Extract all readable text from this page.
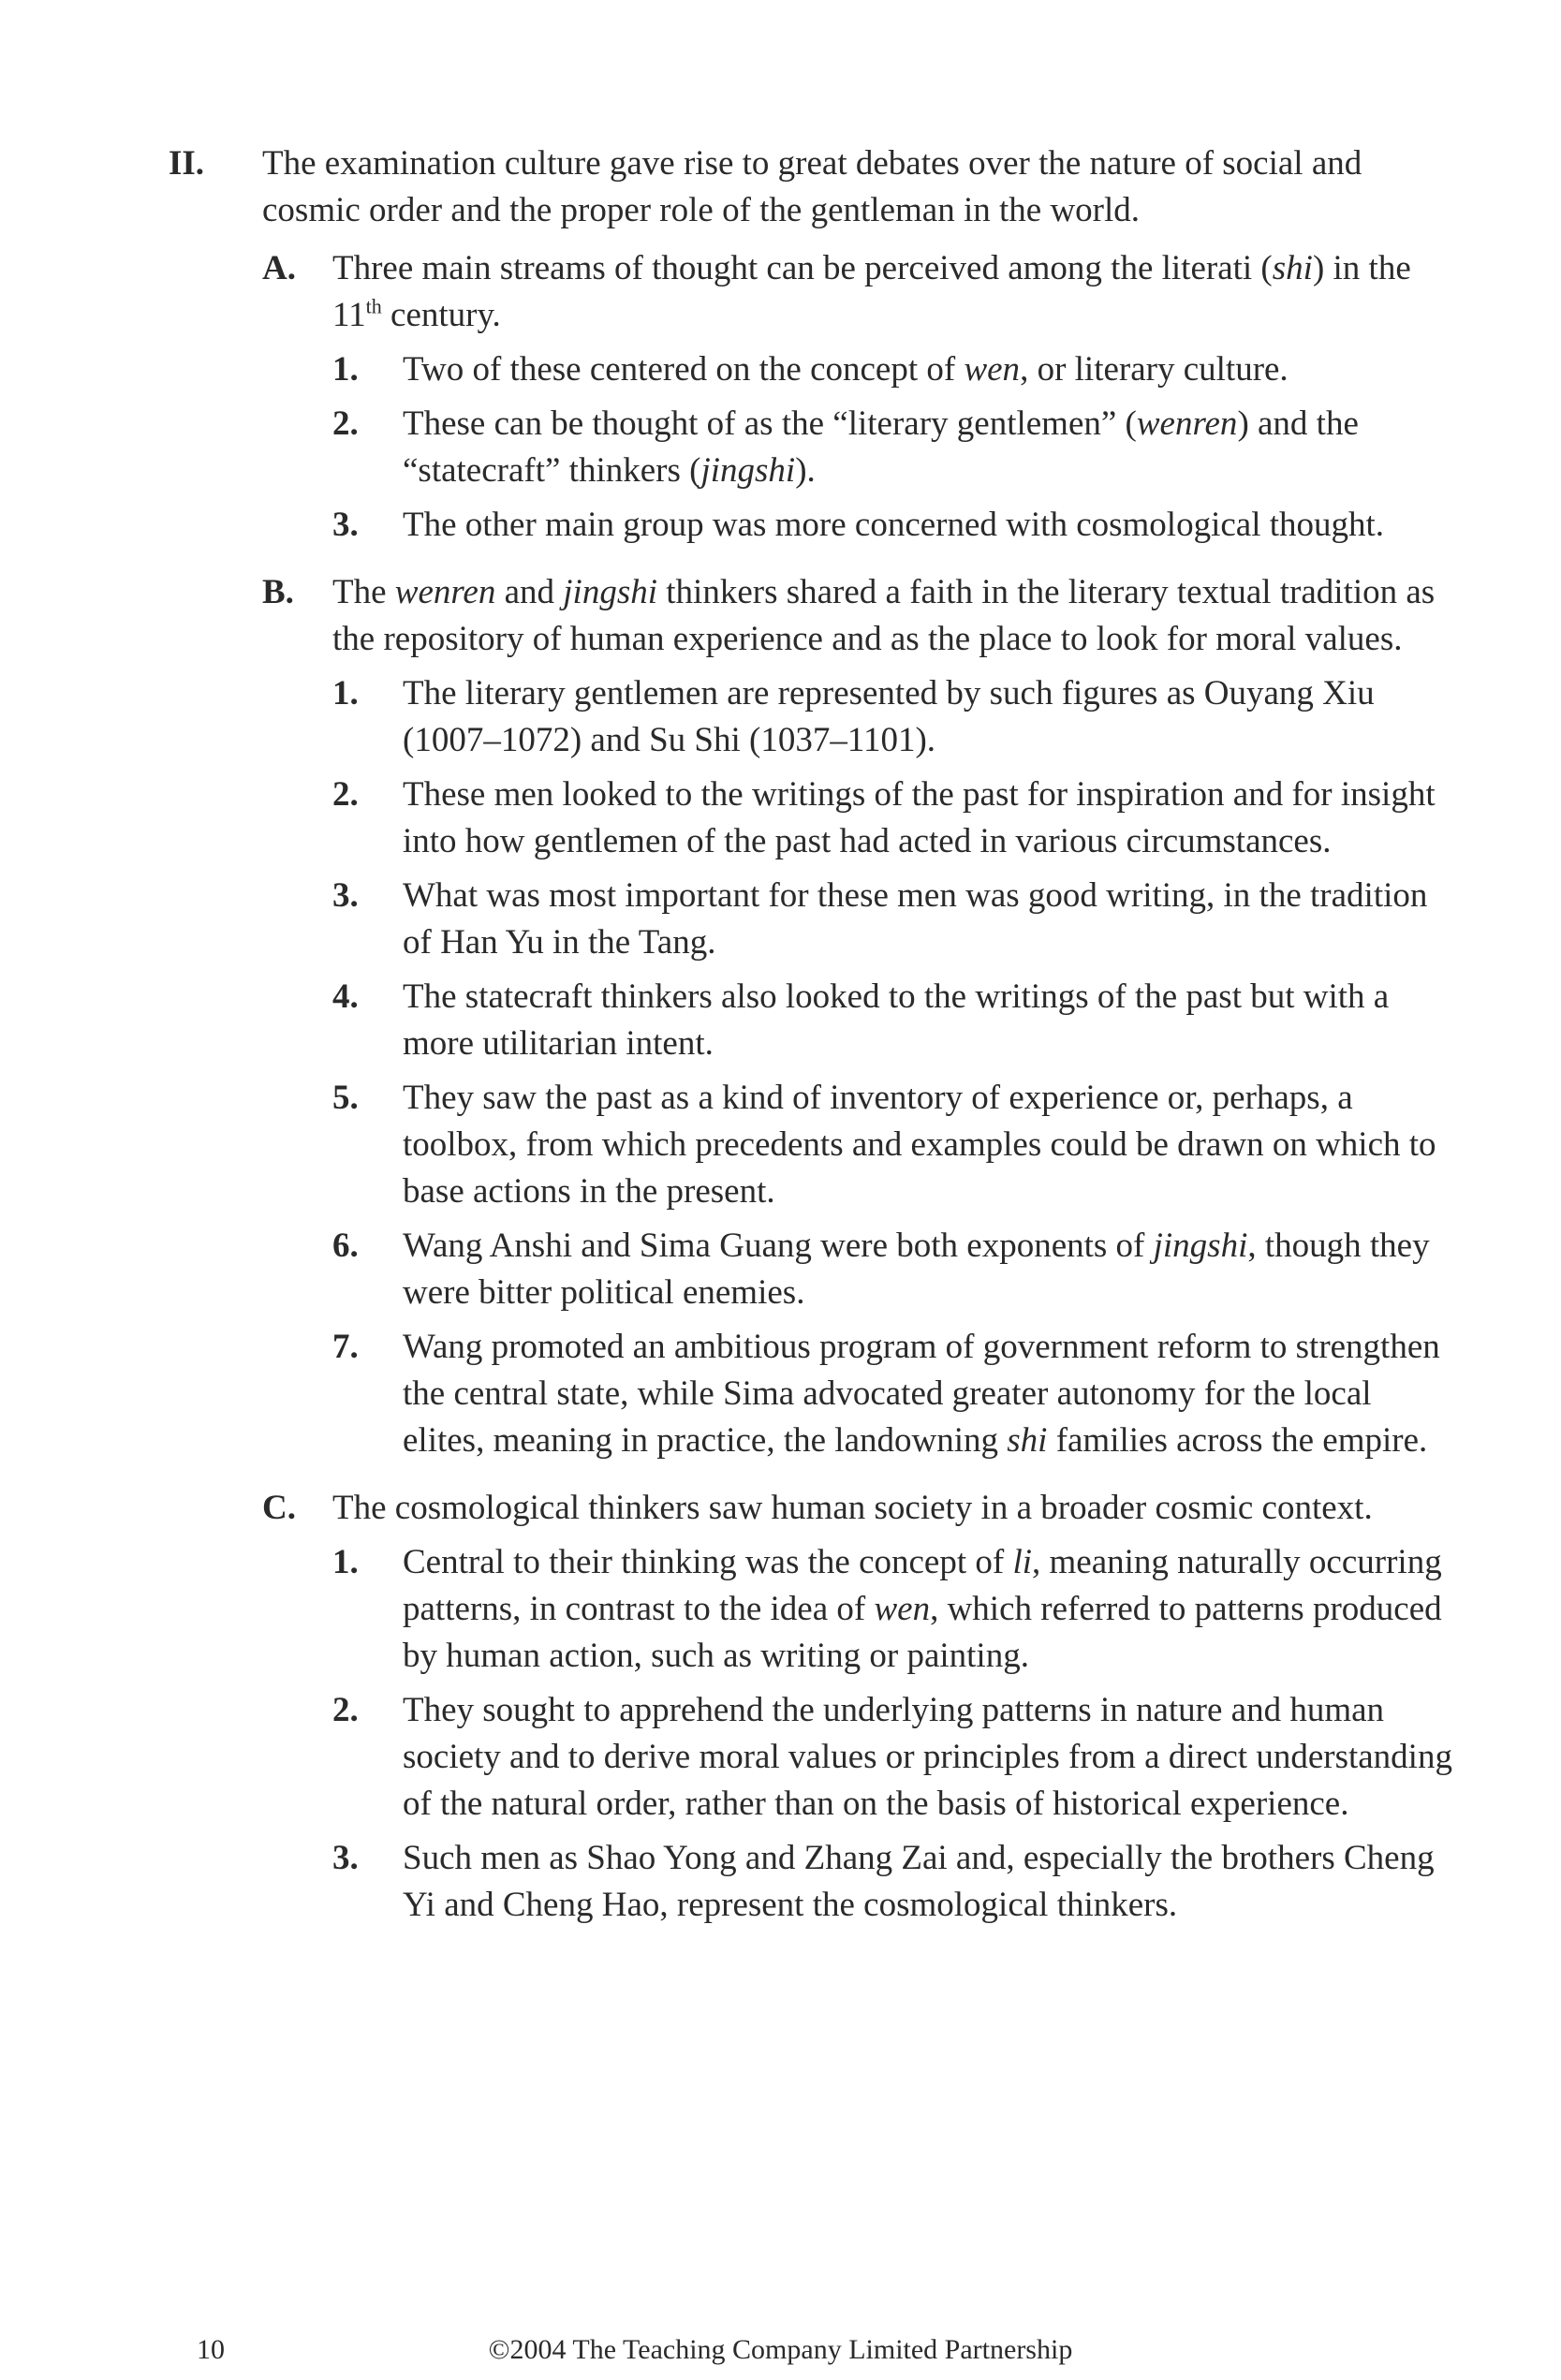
II. The examination culture gave rise to great debates over the nature of social and cosmic order and the proper role of the gentleman in the world.
A. Three main streams of thought can be perceived among the literati (shi) in the 11th century.
1. Two of these centered on the concept of wen, or literary culture.
2. These can be thought of as the “literary gentlemen” (wenren) and the “statecraft” thinkers (jingshi).
3. The other main group was more concerned with cosmological thought.
B. The wenren and jingshi thinkers shared a faith in the literary textual tradition as the repository of human experience and as the place to look for moral values.
1. The literary gentlemen are represented by such figures as Ouyang Xiu (1007–1072) and Su Shi (1037–1101).
2. These men looked to the writings of the past for inspiration and for insight into how gentlemen of the past had acted in various circumstances.
3. What was most important for these men was good writing, in the tradition of Han Yu in the Tang.
4. The statecraft thinkers also looked to the writings of the past but with a more utilitarian intent.
5. They saw the past as a kind of inventory of experience or, perhaps, a toolbox, from which precedents and examples could be drawn on which to base actions in the present.
6. Wang Anshi and Sima Guang were both exponents of jingshi, though they were bitter political enemies.
7. Wang promoted an ambitious program of government reform to strengthen the central state, while Sima advocated greater autonomy for the local elites, meaning in practice, the landowning shi families across the empire.
C. The cosmological thinkers saw human society in a broader cosmic context.
1. Central to their thinking was the concept of li, meaning naturally occurring patterns, in contrast to the idea of wen, which referred to patterns produced by human action, such as writing or painting.
2. They sought to apprehend the underlying patterns in nature and human society and to derive moral values or principles from a direct understanding of the natural order, rather than on the basis of historical experience.
3. Such men as Shao Yong and Zhang Zai and, especially the brothers Cheng Yi and Cheng Hao, represent the cosmological thinkers.
10	©2004 The Teaching Company Limited Partnership
